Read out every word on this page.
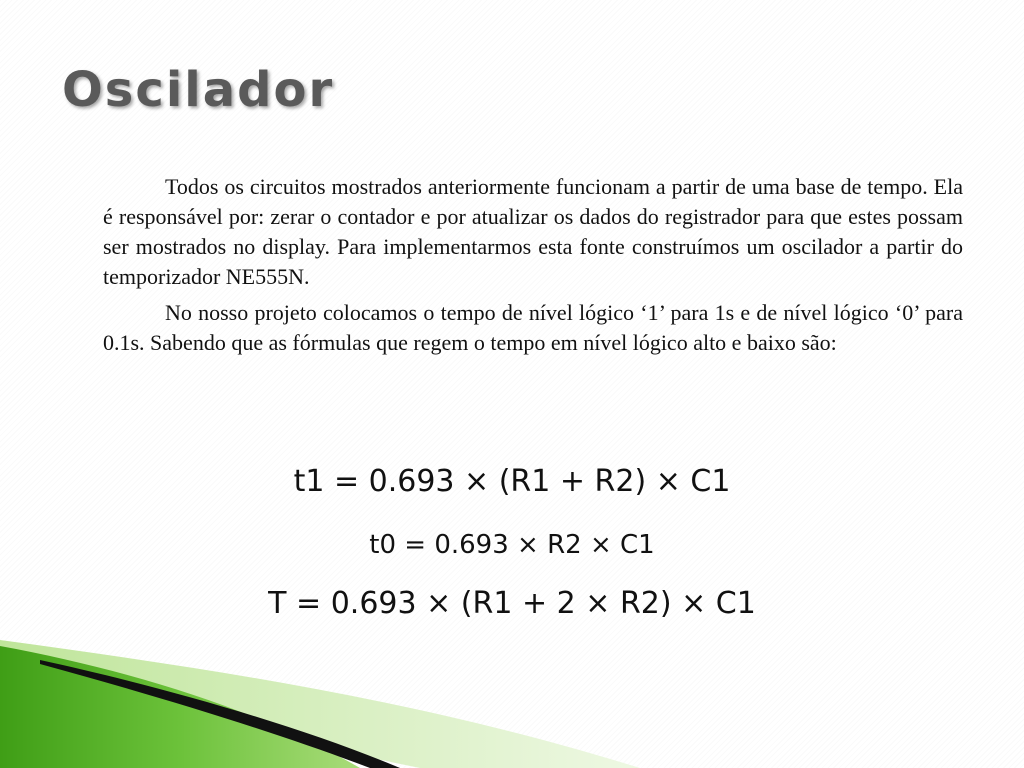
Oscilador

Todos os circuitos mostrados anteriormente funcionam a partir de uma base de tempo. Ela é responsável por: zerar o contador e por atualizar os dados do registrador para que estes possam ser mostrados no display. Para implementarmos esta fonte construímos um oscilador a partir do temporizador NE555N.

No nosso projeto colocamos o tempo de nível lógico ‘1’ para 1s e de nível lógico ‘0’ para 0.1s. Sabendo que as fórmulas que regem o tempo em nível lógico alto e baixo são:

t1 = 0.693 × (R1 + R2) × C1
t0 = 0.693 × R2 × C1
T = 0.693 × (R1 + 2 × R2) × C1
